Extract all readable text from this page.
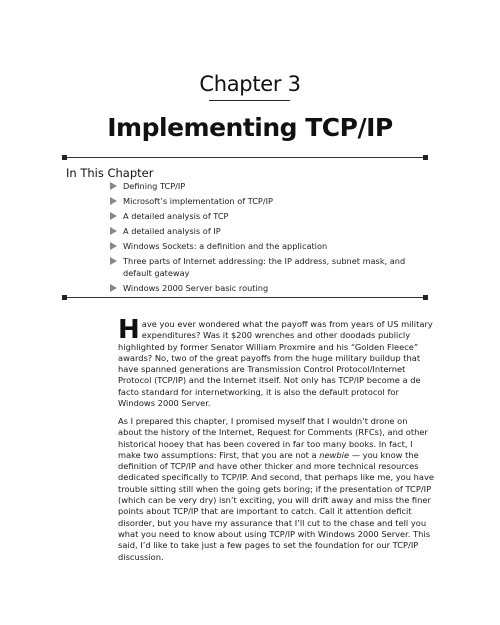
Chapter 3
Implementing TCP/IP
In This Chapter
Defining TCP/IP
Microsoft’s implementation of TCP/IP
A detailed analysis of TCP
A detailed analysis of IP
Windows Sockets: a definition and the application
Three parts of Internet addressing: the IP address, subnet mask, and default gateway
Windows 2000 Server basic routing

Have you ever wondered what the payoff was from years of US military expenditures? Was it $200 wrenches and other doodads publicly highlighted by former Senator William Proxmire and his “Golden Fleece” awards? No, two of the great payoffs from the huge military buildup that have spanned generations are Transmission Control Protocol/Internet Protocol (TCP/IP) and the Internet itself. Not only has TCP/IP become a de facto standard for internetworking, it is also the default protocol for Windows 2000 Server.

As I prepared this chapter, I promised myself that I wouldn’t drone on about the history of the Internet, Request for Comments (RFCs), and other historical hooey that has been covered in far too many books. In fact, I make two assumptions: First, that you are not a newbie — you know the definition of TCP/IP and have other thicker and more technical resources dedicated specifically to TCP/IP. And second, that perhaps like me, you have trouble sitting still when the going gets boring; if the presentation of TCP/IP (which can be very dry) isn’t exciting, you will drift away and miss the finer points about TCP/IP that are important to catch. Call it attention deficit disorder, but you have my assurance that I’ll cut to the chase and tell you what you need to know about using TCP/IP with Windows 2000 Server. This said, I’d like to take just a few pages to set the foundation for our TCP/IP discussion.
